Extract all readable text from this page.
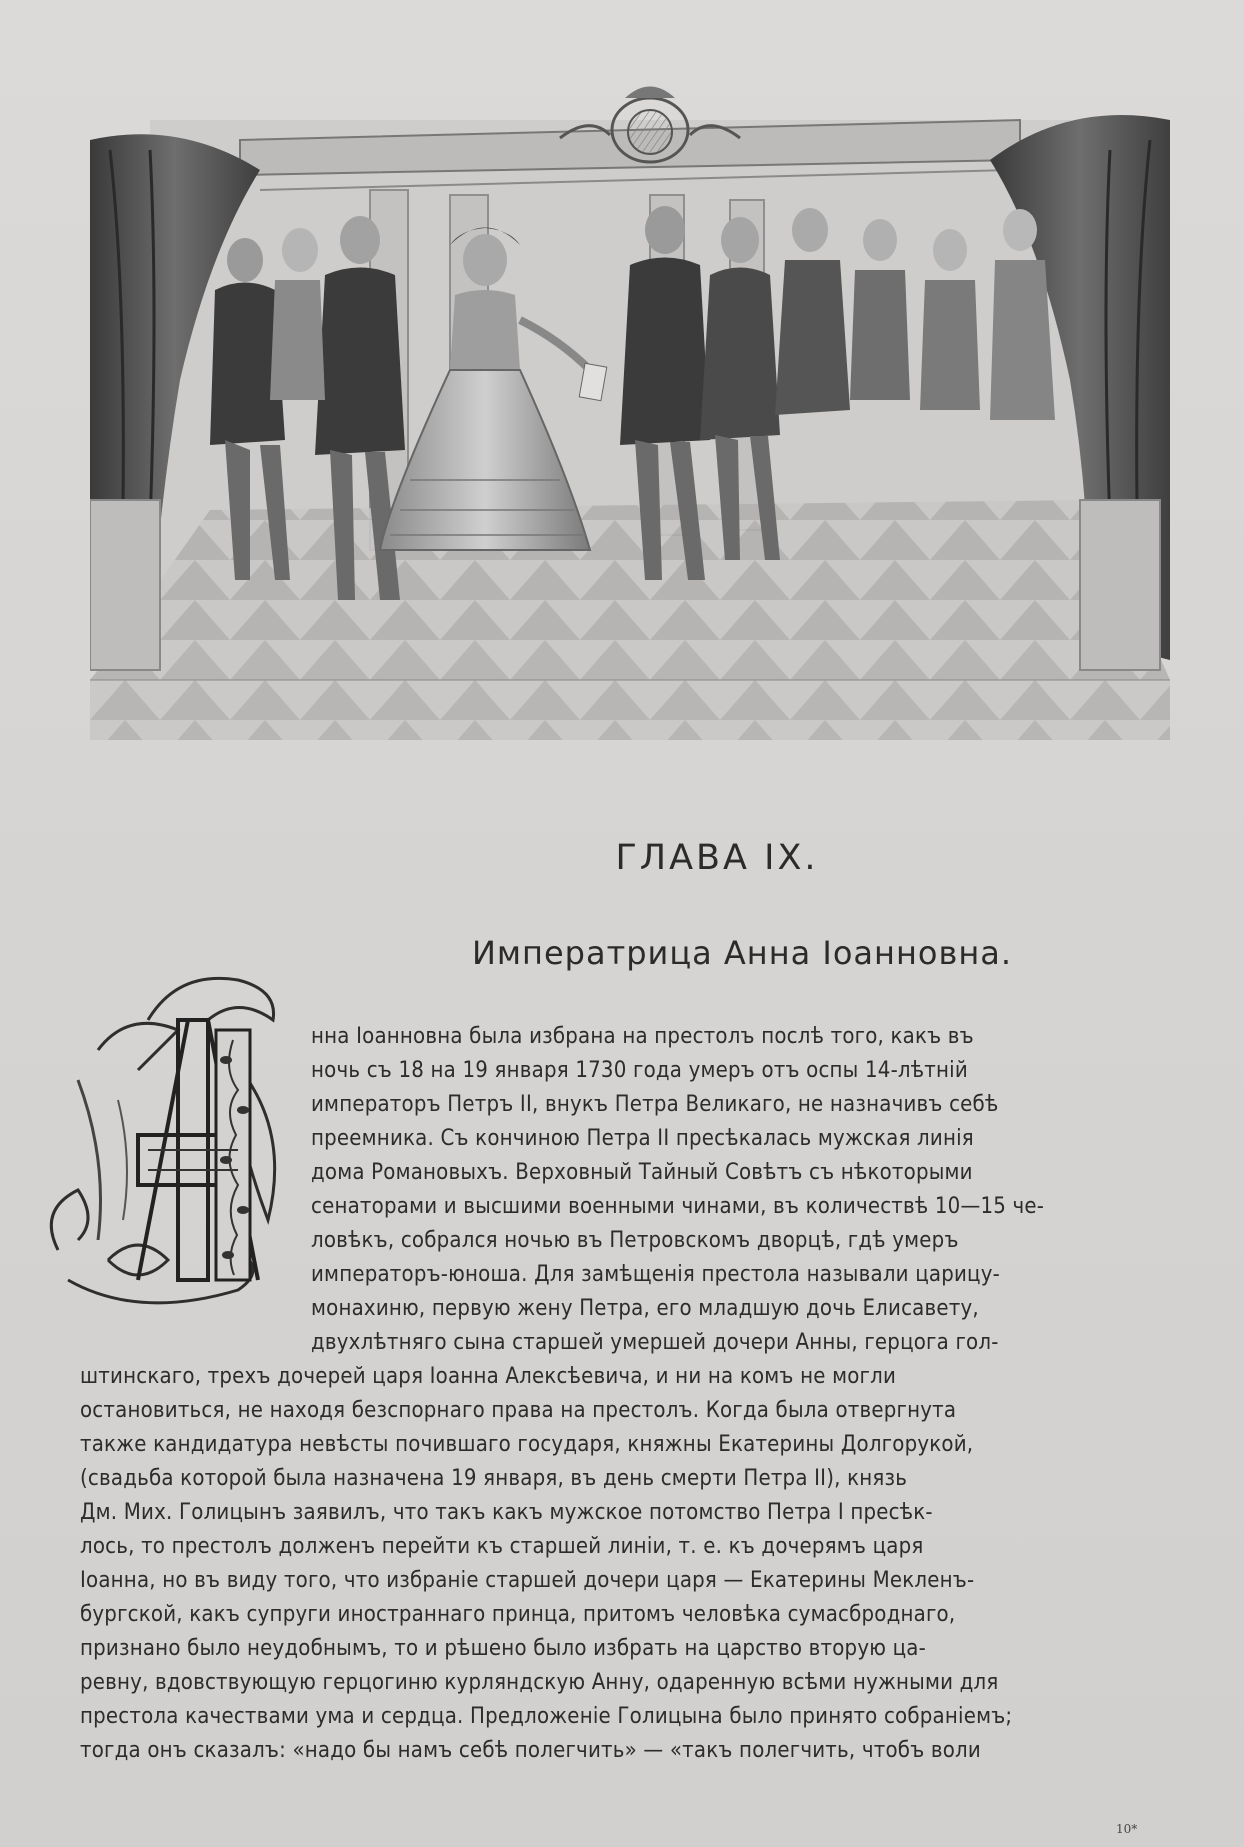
ГЛАВА IX.
Императрица Анна Іоанновна.
нна Іоанновна была избрана на престолъ послѣ того, какъ въ
ночь съ 18 на 19 января 1730 года умеръ отъ оспы 14-лѣтній
императоръ Петръ II, внукъ Петра Великаго, не назначивъ себѣ
преемника. Съ кончиною Петра II пресѣкалась мужская линія
дома Романовыхъ. Верховный Тайный Совѣтъ съ нѣкоторыми
сенаторами и высшими военными чинами, въ количествѣ 10—15 че-
ловѣкъ, собрался ночью въ Петровскомъ дворцѣ, гдѣ умеръ
императоръ-юноша. Для замѣщенія престола называли царицу-
монахиню, первую жену Петра, его младшую дочь Елисавету,
двухлѣтняго сына старшей умершей дочери Анны, герцога гол-
штинскаго, трехъ дочерей царя Іоанна Алексѣевича, и ни на комъ не могли
остановиться, не находя безспорнаго права на престолъ. Когда была отвергнута
также кандидатура невѣсты почившаго государя, княжны Екатерины Долгорукой,
(свадьба которой была назначена 19 января, въ день смерти Петра II), князь
Дм. Мих. Голицынъ заявилъ, что такъ какъ мужское потомство Петра I пресѣк-
лось, то престолъ долженъ перейти къ старшей линіи, т. е. къ дочерямъ царя
Іоанна, но въ виду того, что избраніе старшей дочери царя — Екатерины Мекленъ-
бургской, какъ супруги иностраннаго принца, притомъ человѣка сумасброднаго,
признано было неудобнымъ, то и рѣшено было избрать на царство вторую ца-
ревну, вдовствующую герцогиню курляндскую Анну, одаренную всѣми нужными для
престола качествами ума и сердца. Предложеніе Голицына было принято собраніемъ;
тогда онъ сказалъ: «надо бы намъ себѣ полегчить» — «такъ полегчить, чтобъ воли
10*
